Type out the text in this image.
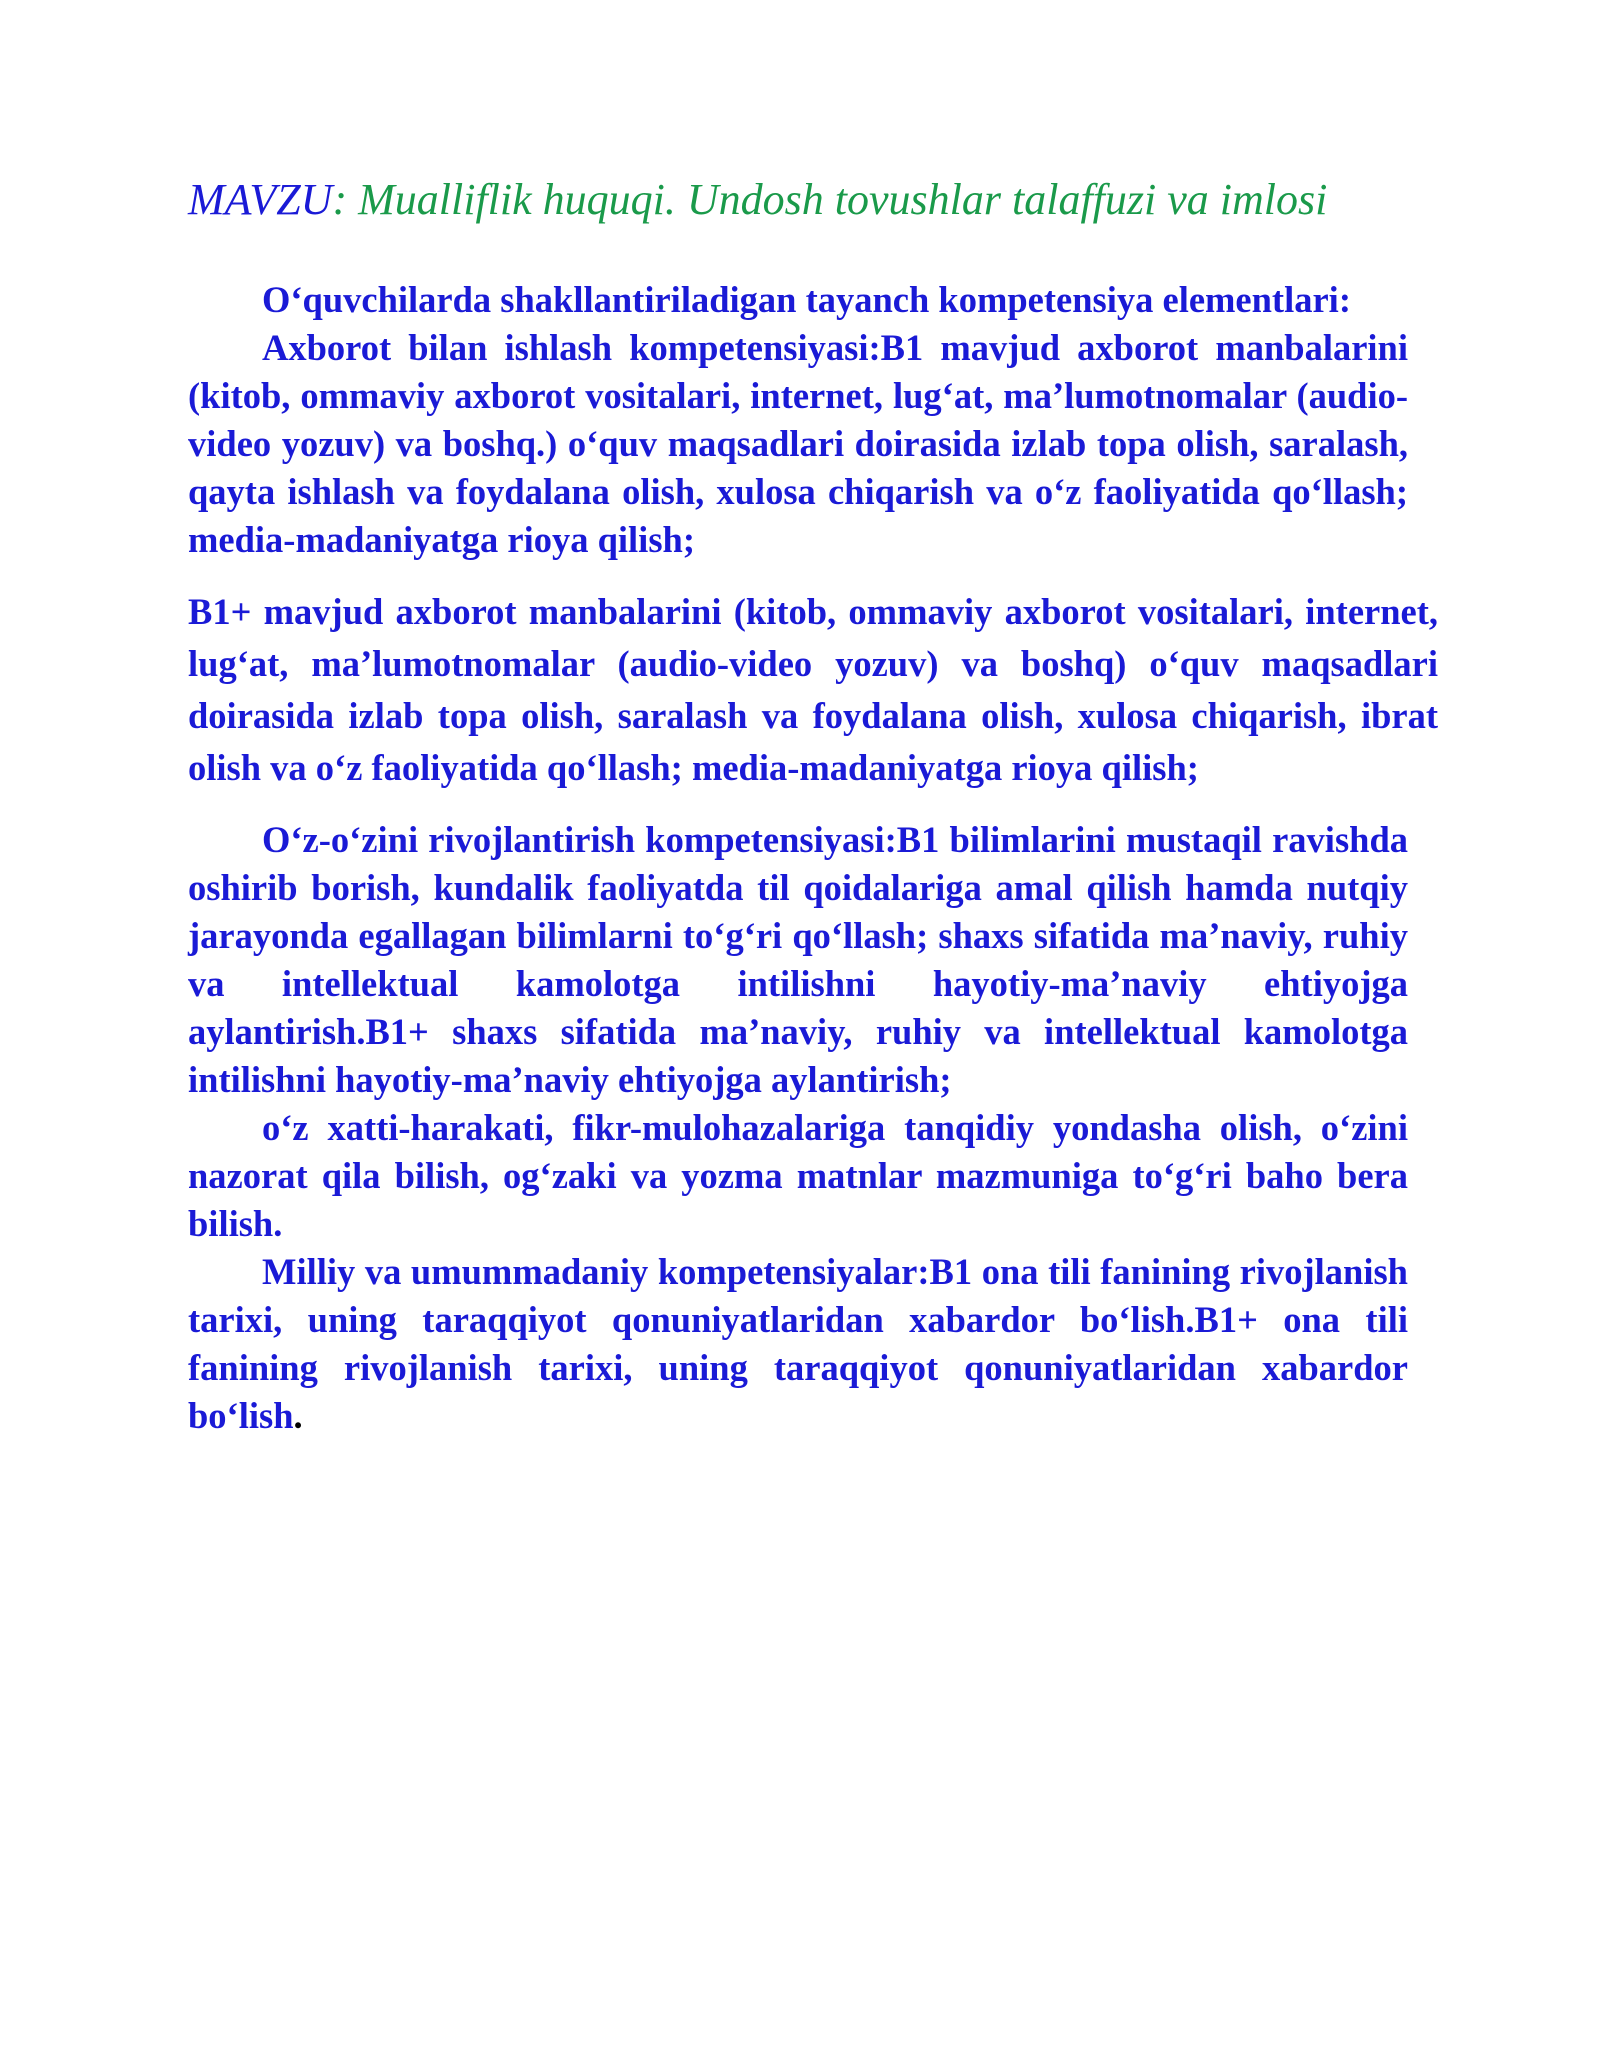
MAVZU: Mualliflik huquqi. Undosh tovushlar talaffuzi va imlosi

O‘quvchilarda shakllantiriladigan tayanch kompetensiya elementlari:

Axborot bilan ishlash kompetensiyasi:B1 mavjud axborot manbalarini (kitob, ommaviy axborot vositalari, internet, lug‘at, ma’lumotnomalar (audio-video yozuv) va boshq.) o‘quv maqsadlari doirasida izlab topa olish, saralash, qayta ishlash va foydalana olish, xulosa chiqarish va o‘z faoliyatida qo‘llash; media-madaniyatga rioya qilish;

B1+ mavjud axborot manbalarini (kitob, ommaviy axborot vositalari, internet, lug‘at, ma’lumotnomalar (audio-video yozuv) va boshq) o‘quv maqsadlari doirasida izlab topa olish, saralash va foydalana olish, xulosa chiqarish, ibrat olish va o‘z faoliyatida qo‘llash; media-madaniyatga rioya qilish;

O‘z-o‘zini rivojlantirish kompetensiyasi:B1 bilimlarini mustaqil ravishda oshirib borish, kundalik faoliyatda til qoidalariga amal qilish hamda nutqiy jarayonda egallagan bilimlarni to‘g‘ri qo‘llash; shaxs sifatida ma’naviy, ruhiy va intellektual kamolotga intilishni hayotiy-ma’naviy ehtiyojga aylantirish.B1+ shaxs sifatida ma’naviy, ruhiy va intellektual kamolotga intilishni hayotiy-ma’naviy ehtiyojga aylantirish;

o‘z xatti-harakati, fikr-mulohazalariga tanqidiy yondasha olish, o‘zini nazorat qila bilish, og‘zaki va yozma matnlar mazmuniga to‘g‘ri baho bera bilish.

Milliy va umummadaniy kompetensiyalar:B1 ona tili fanining rivojlanish tarixi, uning taraqqiyot qonuniyatlaridan xabardor bo‘lish.B1+ ona tili fanining rivojlanish tarixi, uning taraqqiyot qonuniyatlaridan xabardor bo‘lish.
